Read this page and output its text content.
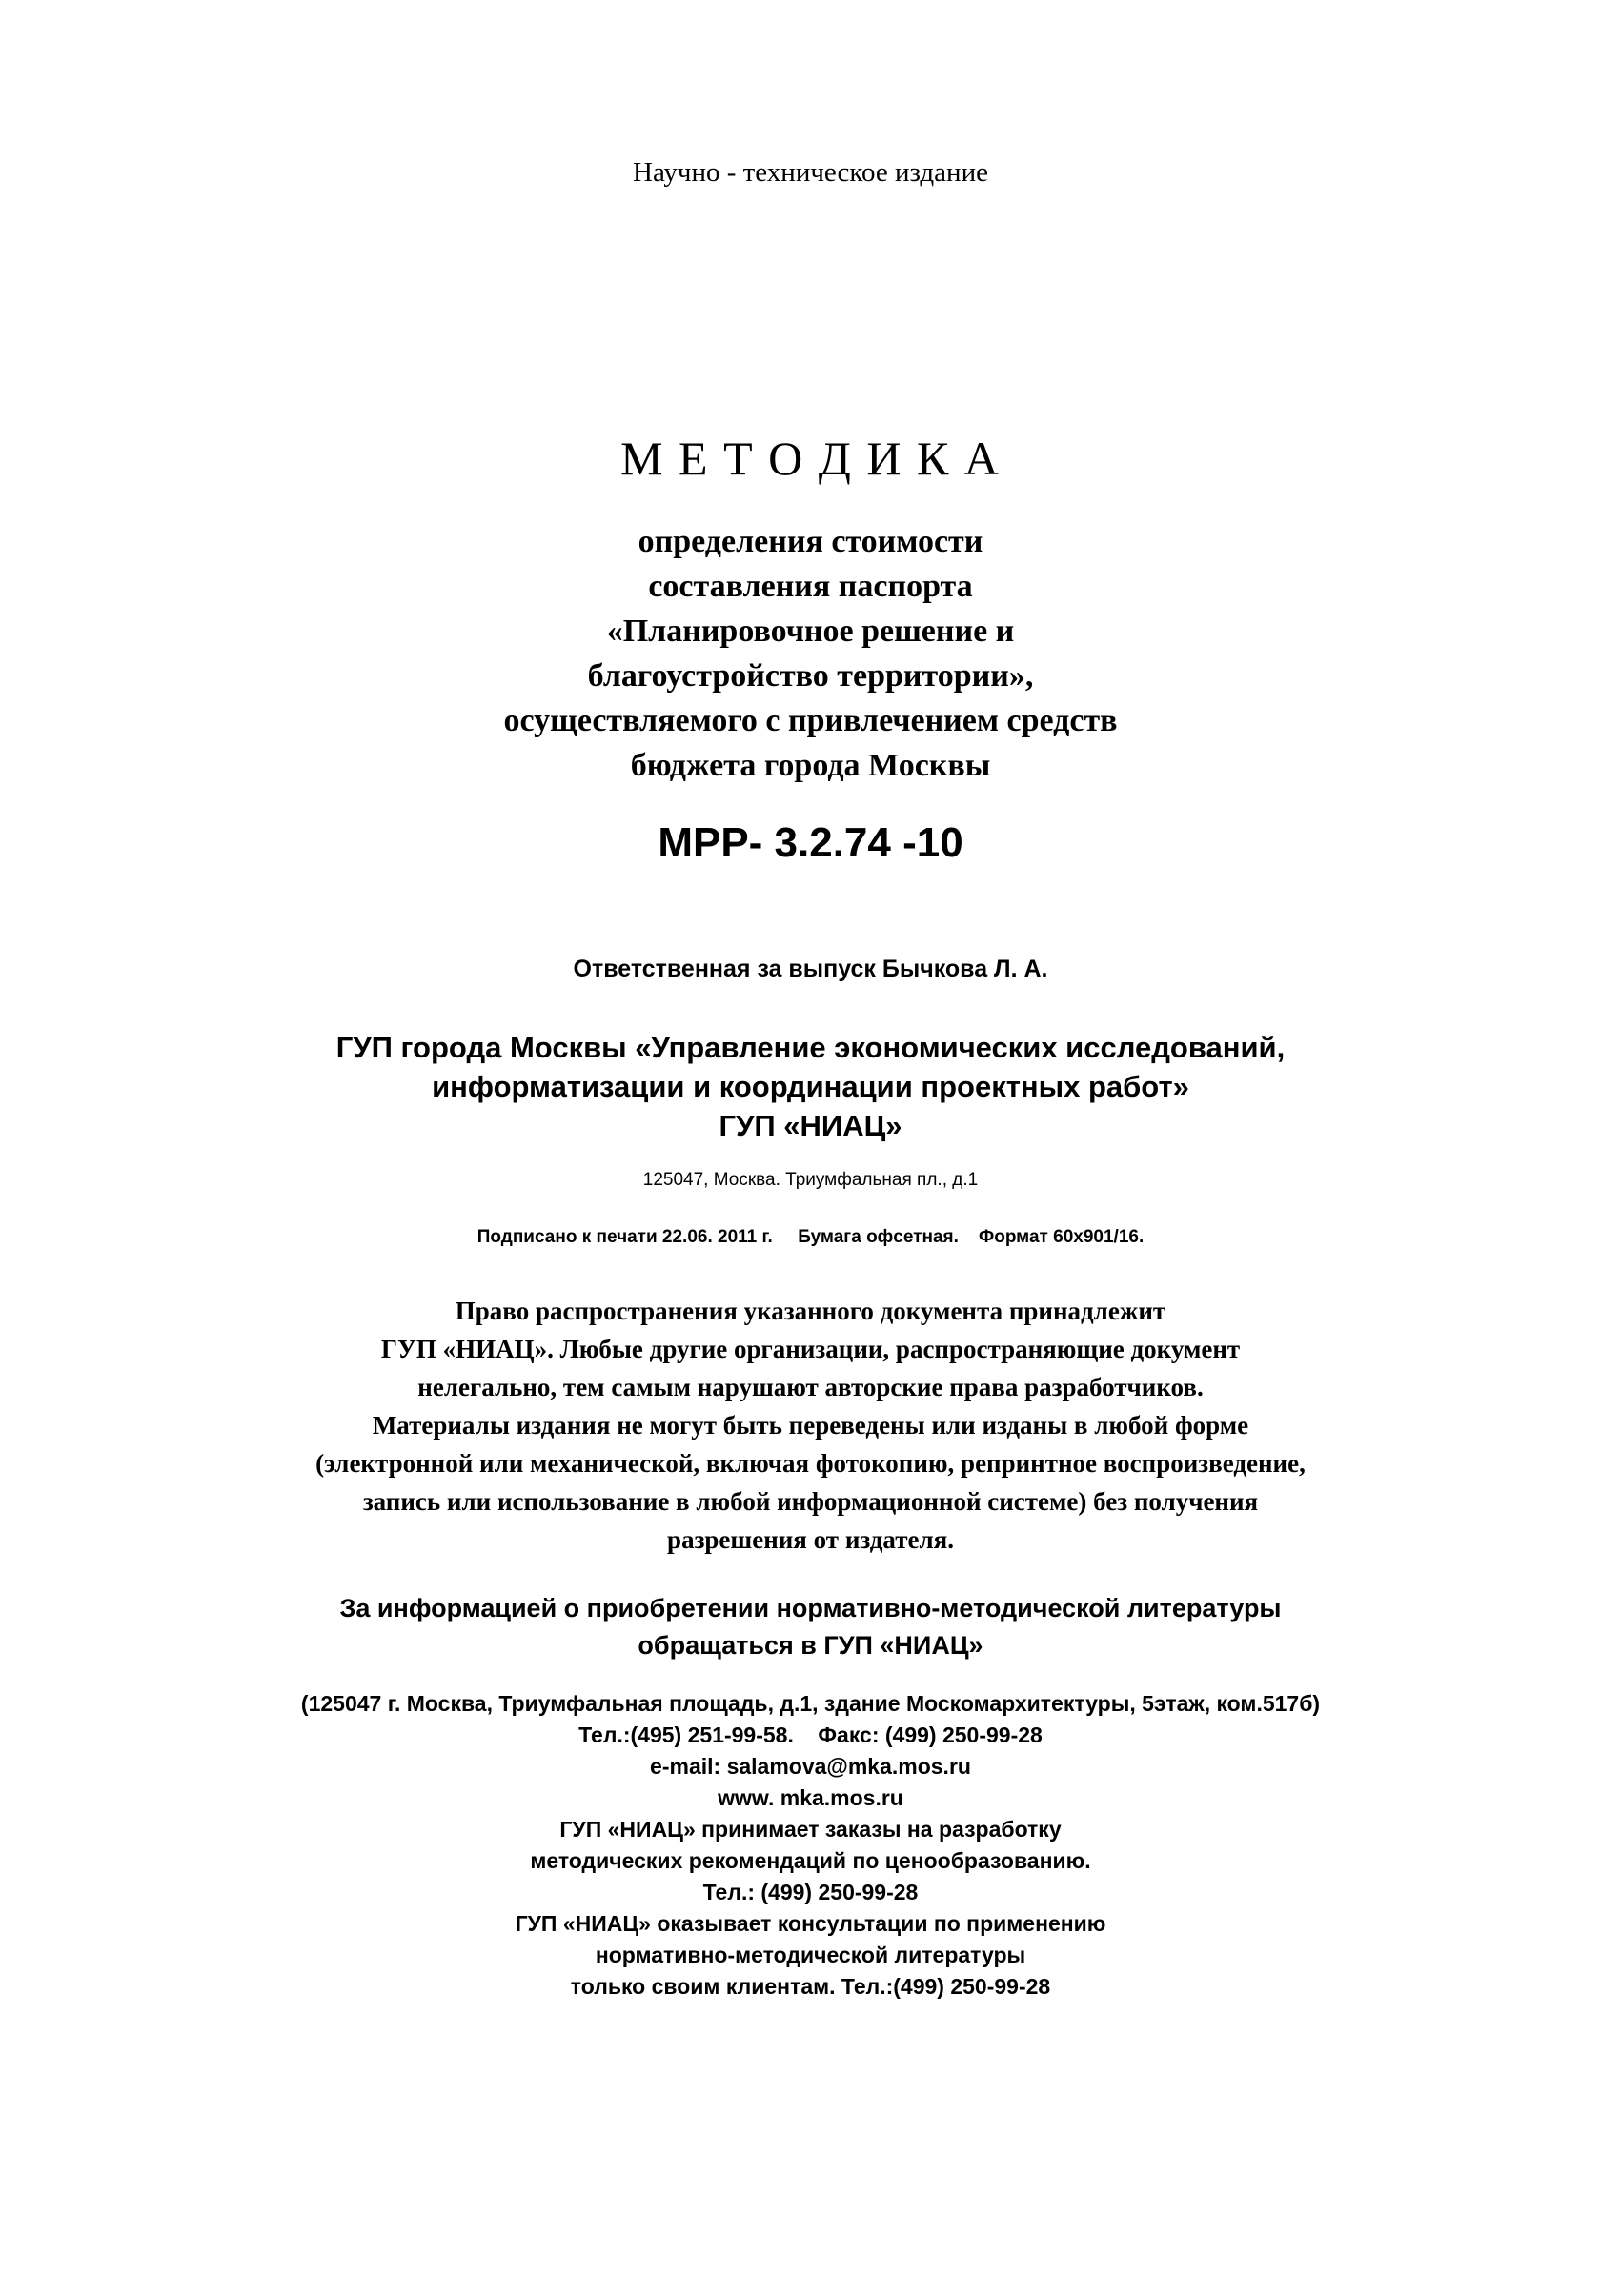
Научно - техническое издание
М Е Т О Д И К А
определения стоимости
составления паспорта
«Планировочное решение и
благоустройство территории»,
осуществляемого с привлечением средств
бюджета города Москвы
МРР- 3.2.74 -10
Ответственная за выпуск Бычкова Л. А.
ГУП города Москвы «Управление экономических исследований,
информатизации и координации проектных работ»
ГУП «НИАЦ»
125047, Москва. Триумфальная пл., д.1
Подписано к печати 22.06. 2011 г.     Бумага офсетная.    Формат 60x901/16.
Право распространения указанного документа принадлежит
ГУП «НИАЦ». Любые другие организации, распространяющие документ
нелегально, тем самым нарушают авторские права разработчиков.
Материалы издания не могут быть переведены или изданы в любой форме
(электронной или механической, включая фотокопию, репринтное воспроизведение,
запись или использование в любой информационной системе) без получения
разрешения от издателя.
За информацией о приобретении нормативно-методической литературы
обращаться в ГУП «НИАЦ»
(125047 г. Москва, Триумфальная площадь, д.1, здание Москомархитектуры, 5этаж, ком.517б)
Тел.:(495) 251-99-58.    Факс: (499) 250-99-28
e-mail: salamova@mka.mos.ru
www. mka.mos.ru
ГУП «НИАЦ» принимает заказы на разработку
методических рекомендаций по ценообразованию.
Тел.: (499) 250-99-28
ГУП «НИАЦ» оказывает консультации по применению
нормативно-методической литературы
только своим клиентам. Тел.:(499) 250-99-28
